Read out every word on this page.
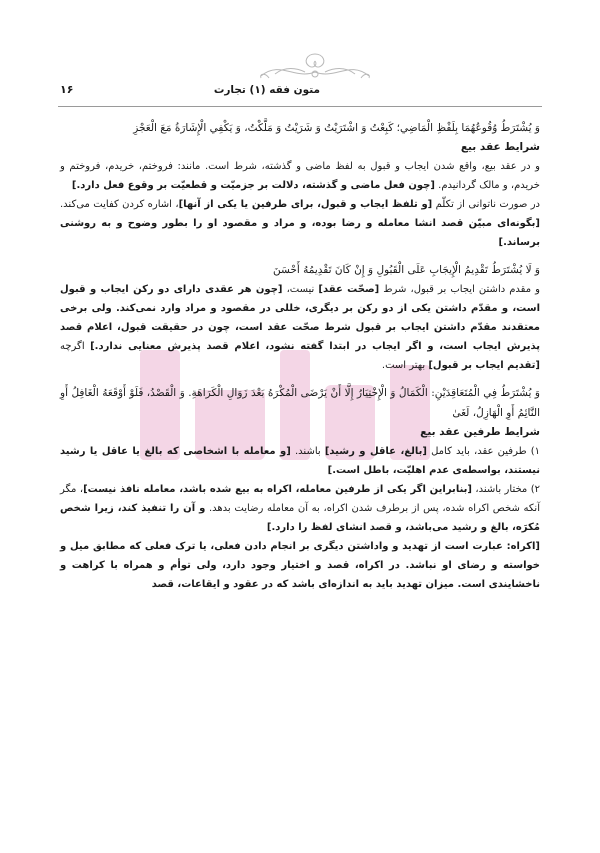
متون فقه (۱) تجارت
۱۶

وَ یُشْتَرَطُ وُقُوعُهُمَا بِلَفْظِ الْمَاضِي؛ كَبِعْتُ وَ اشْتَرَیْتُ وَ شَرَیْتُ وَ مَلَّكْتُ، وَ يَكْفِي الْإِشَارَةُ مَعَ الْعَجْزِ

شرایط عقد بیع

و در عقد بیع، واقع شدن ایجاب و قبول به لفظ ماضی و گذشته، شرط است. مانند: فروختم، خریدم، فروختم و خریدم، و مالک گردانیدم. [چون فعل ماضی و گذشته، دلالت بر جزمیّت و قطعیّت بر وقوع فعل دارد.]

در صورت ناتوانی از تکلّم [و تلفظ ایجاب و قبول، برای طرفین یا یکی از آنها]، اشاره کردن کفایت می‌کند. [بگونه‌ای مبیّن قصد انشا معامله و رضا بوده، و مراد و مقصود او را بطور وضوح و به روشنی برساند.]

وَ لَا یُشْتَرَطُ تَقْدِیمُ الْإِیجَابِ عَلَى الْقَبُولِ وَ إِنْ كَانَ تَقْدِيمُهُ أَحْسَنَ

و مقدم داشتن ایجاب بر قبول، شرط [صحّت عقد] نیست، [چون هر عقدی دارای دو رکن ایجاب و قبول است، و مقدّم داشتن یکی از دو رکن بر دیگری، خللی در مقصود و مراد وارد نمی‌کند. ولی برخی معتقدند مقدّم داشتن ایجاب بر قبول شرط صحّت عقد است، چون در حقیقت قبول، اعلام قصد پذیرش ایجاب است، و اگر ایجاب در ابتدا گفته نشود، اعلام قصد پذیرش معنایی ندارد.] اگرچه [تقدیم ایجاب بر قبول] بهتر است.

وَ یُشْتَرَطُ فِي الْمُتَعَاقِدَیْنِ: الْكَمَالُ وَ الْإِخْتِیَارُ إِلَّا أَنْ یَرْضَى الْمُكْرَهُ بَعْدَ زَوَالِ الْكَرَاهَةِ. وَ الْقَصْدُ، فَلَوْ أَوْقَعَهُ الْغَافِلُ أَوِ النَّائِمُ أَوِ الْهَازِلُ، لَغَیٰ

شرایط طرفین عقد بیع

۱) طرفین عقد، باید کامل [بالغ، عاقل و رشید] باشند. [و معامله با اشخاصی که بالغ یا عاقل یا رشید نیستند، بواسطه‌ی عدم اهلیّت، باطل است.]

۲) مختار باشند، [بنابراین اگر یکی از طرفین معامله، اکراه به بیع شده باشد، معامله نافذ نیست]، مگر آنکه شخص اکراه شده، پس از برطرف شدن اکراه، به آن معامله رضایت بدهد. و آن را تنفیذ کند، زیرا شخص مُکرَه، بالغ و رشید می‌باشد، و قصد انشای لفظ را دارد.]

[اکراه: عبارت است از تهدید و واداشتن دیگری بر انجام دادن فعلی، یا ترک فعلی که مطابق میل و خواسته و رضای او نباشد. در اکراه، قصد و اختیار وجود دارد، ولی توأم و همراه با کراهت و ناخشایندی است. میزان تهدید باید به اندازه‌ای باشد که در عقود و ایقاعات، قصد
